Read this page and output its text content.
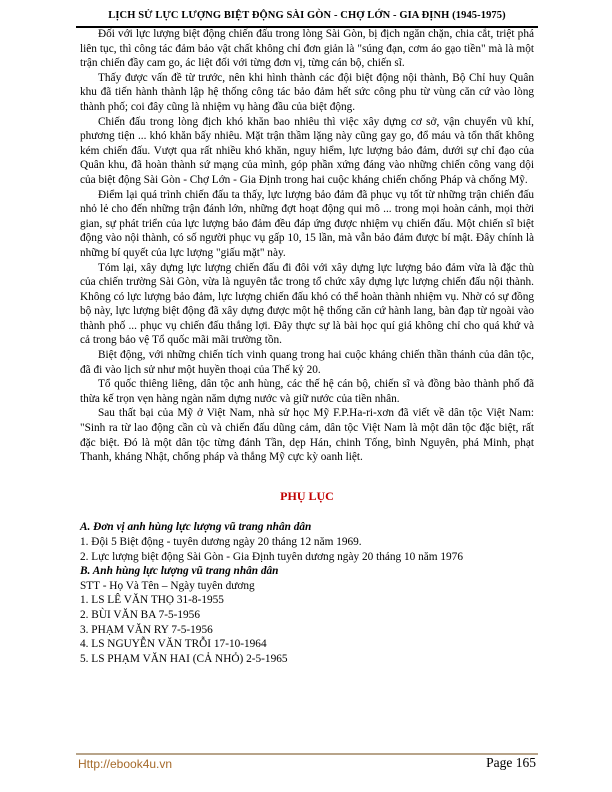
LỊCH SỬ LỰC LƯỢNG BIỆT ĐỘNG SÀI GÒN - CHỢ LỚN - GIA ĐỊNH (1945-1975)

Đối với lực lượng biệt động chiến đấu trong lòng Sài Gòn, bị địch ngăn chặn, chia cắt, triệt phá liên tục, thì công tác đảm bảo vật chất không chỉ đơn giản là "súng đạn, cơm áo gạo tiền" mà là một trận chiến đầy cam go, ác liệt đối với từng đơn vị, từng cán bộ, chiến sĩ.

Thấy được vấn đề từ trước, nên khi hình thành các đội biệt động nội thành, Bộ Chỉ huy Quân khu đã tiến hành thành lập hệ thống công tác bảo đảm hết sức công phu từ vùng căn cứ vào lòng thành phố; coi đây cũng là nhiệm vụ hàng đầu của biệt động.

Chiến đấu trong lòng địch khó khăn bao nhiêu thì việc xây dựng cơ sở, vận chuyển vũ khí, phương tiện ... khó khăn bấy nhiêu. Mặt trận thầm lặng này cũng gay go, đổ máu và tổn thất không kém chiến đấu. Vượt qua rất nhiều khó khăn, nguy hiểm, lực lượng bảo đảm, dưới sự chỉ đạo của Quân khu, đã hoàn thành sứ mạng của mình, góp phần xứng đáng vào những chiến công vang dội của biệt động Sài Gòn - Chợ Lớn - Gia Định trong hai cuộc kháng chiến chống Pháp và chống Mỹ.

Điểm lại quá trình chiến đấu ta thấy, lực lượng bảo đảm đã phục vụ tốt từ những trận chiến đấu nhỏ lẻ cho đến những trận đánh lớn, những đợt hoạt động qui mô ... trong mọi hoàn cảnh, mọi thời gian, sự phát triển của lực lượng bảo đảm đều đáp ứng được nhiệm vụ chiến đấu. Một chiến sĩ biệt động vào nội thành, có số người phục vụ gấp 10, 15 lần, mà vẫn bảo đảm được bí mật. Đây chính là những bí quyết của lực lượng "giấu mặt" này.

Tóm lại, xây dựng lực lượng chiến đấu đi đôi với xây dựng lực lượng bảo đảm vừa là đặc thù của chiến trường Sài Gòn, vừa là nguyên tắc trong tổ chức xây dựng lực lượng chiến đấu nội thành. Không có lực lượng bảo đảm, lực lượng chiến đấu khó có thể hoàn thành nhiệm vụ. Nhờ có sự đồng bộ này, lực lượng biệt động đã xây dựng được một hệ thống căn cứ hành lang, bàn đạp từ ngoài vào thành phố ... phục vụ chiến đấu thắng lợi. Đây thực sự là bài học quí giá không chỉ cho quá khứ và cả trong bảo vệ Tổ quốc mãi mãi trường tồn.

Biệt động, với những chiến tích vinh quang trong hai cuộc kháng chiến thần thánh của dân tộc, đã đi vào lịch sử như một huyền thoại của Thế kỷ 20.

Tổ quốc thiêng liêng, dân tộc anh hùng, các thế hệ cán bộ, chiến sĩ và đồng bào thành phố đã thừa kế trọn vẹn hàng ngàn năm dựng nước và giữ nước của tiền nhân.

Sau thất bại của Mỹ ở Việt Nam, nhà sử học Mỹ F.P.Ha-ri-xơn đã viết về dân tộc Việt Nam: "Sinh ra từ lao động cần cù và chiến đấu dũng cảm, dân tộc Việt Nam là một dân tộc đặc biệt, rất đặc biệt. Đó là một dân tộc từng đánh Tần, dẹp Hán, chinh Tống, bình Nguyên, phá Minh, phạt Thanh, kháng Nhật, chống pháp và thắng Mỹ cực kỳ oanh liệt.

PHỤ LỤC
A. Đơn vị anh hùng lực lượng vũ trang nhân dân
1. Đội 5 Biệt động - tuyên dương ngày 20 tháng 12 năm 1969.
2. Lực lượng biệt động Sài Gòn - Gia Định tuyên dương ngày 20 tháng 10 năm 1976
B. Anh hùng lực lượng vũ trang nhân dân
STT - Họ Và Tên – Ngày tuyên dương
1. LS LÊ VĂN THỌ 31-8-1955
2. BÙI VĂN BA 7-5-1956
3. PHẠM VĂN RY 7-5-1956
4. LS NGUYỄN VĂN TRỖI 17-10-1964
5. LS PHẠM VĂN HAI (CẢ NHỎ) 2-5-1965
Http://ebook4u.vn	Page 165
